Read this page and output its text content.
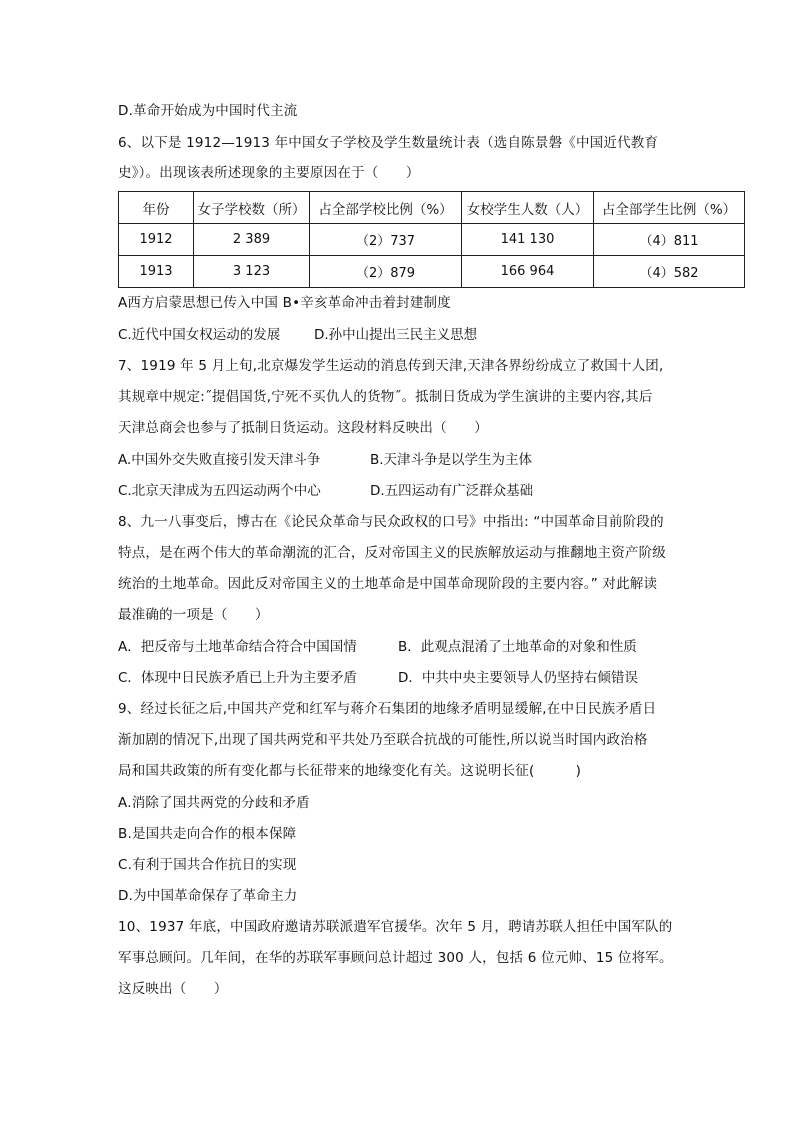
D.革命开始成为中国时代主流
6、以下是 1912—1913 年中国女子学校及学生数量统计表（选自陈景磐《中国近代教育
史》）。出现该表所述现象的主要原因在于（　　）
年份	女子学校数（所）	占全部学校比例（%）	女校学生人数（人）	占全部学生比例（%）
1912	2 389	（2）737	141 130	（4）811
1913	3 123	（2）879	166 964	（4）582
A西方启蒙思想已传入中国 B•辛亥革命冲击着封建制度
C.近代中国女权运动的发展	D.孙中山提出三民主义思想
7、1919 年 5 月上旬,北京爆发学生运动的消息传到天津,天津各界纷纷成立了救国十人团,
其规章中规定:˝提倡国货,宁死不买仇人的货物˝。抵制日货成为学生演讲的主要内容,其后
天津总商会也参与了抵制日货运动。这段材料反映出（　　）
A.中国外交失败直接引发天津斗争	B.天津斗争是以学生为主体
C.北京天津成为五四运动两个中心	D.五四运动有广泛群众基础
8、九一八事变后，博古在《论民众革命与民众政权的口号》中指出: “中国革命目前阶段的
特点，是在两个伟大的革命潮流的汇合，反对帝国主义的民族解放运动与推翻地主资产阶级
统治的土地革命。因此反对帝国主义的土地革命是中国革命现阶段的主要内容。” 对此解读
最准确的一项是（　　）
A．把反帝与土地革命结合符合中国国情	B．此观点混淆了土地革命的对象和性质
C．体现中日民族矛盾已上升为主要矛盾	D．中共中央主要领导人仍坚持右倾错误
9、经过长征之后,中国共产党和红军与蒋介石集团的地缘矛盾明显缓解,在中日民族矛盾日
渐加剧的情况下,出现了国共两党和平共处乃至联合抗战的可能性,所以说当时国内政治格
局和国共政策的所有变化都与长征带来的地缘变化有关。这说明长征(　　　)
A.消除了国共两党的分歧和矛盾
B.是国共走向合作的根本保障
C.有利于国共合作抗日的实现
D.为中国革命保存了革命主力
10、1937 年底，中国政府邀请苏联派遣军官援华。次年 5 月，聘请苏联人担任中国军队的
军事总顾问。几年间，在华的苏联军事顾问总计超过 300 人，包括 6 位元帅、15 位将军。
这反映出（　　）
